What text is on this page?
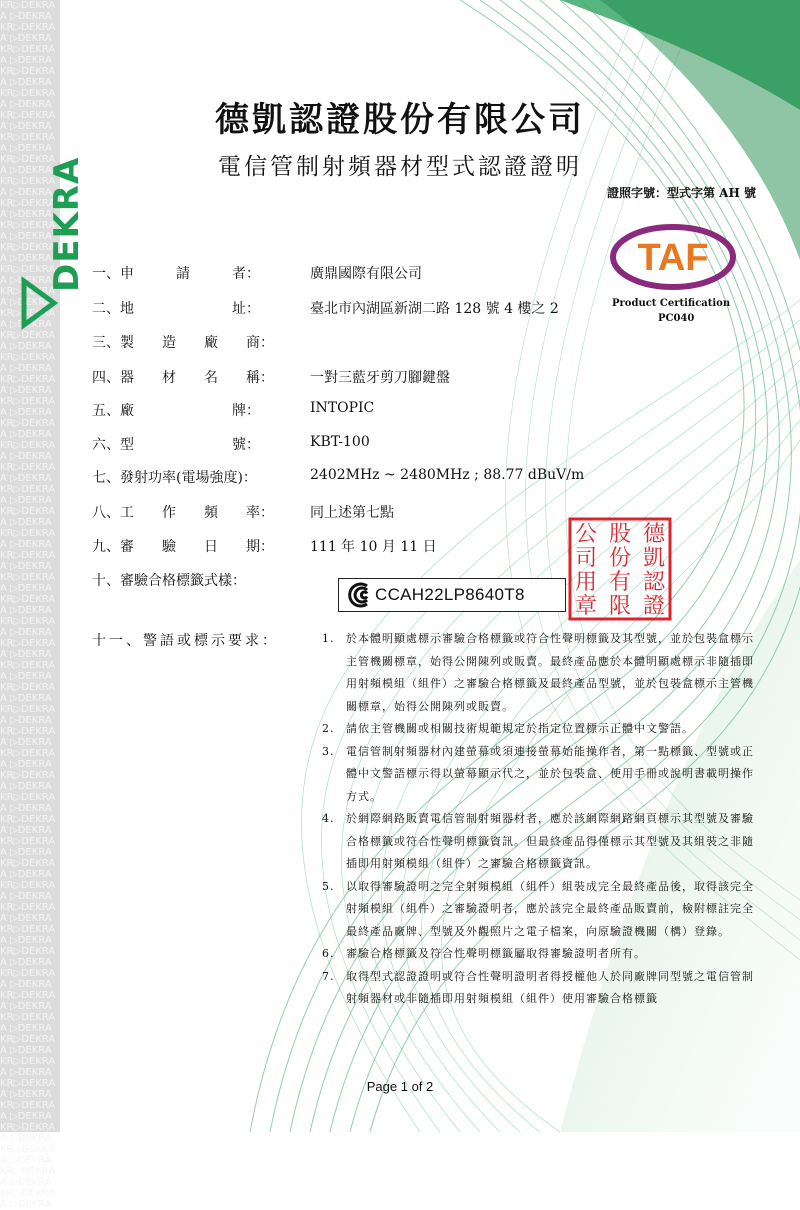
KR▷DEKRA
A ▷DEKRA
KR▷DEKRA
A ▷DEKRA
KR▷DEKRA
A ▷DEKRA
KR▷DEKRA
A ▷DEKRA
KR▷DEKRA
A ▷DEKRA
KR▷DEKRA
A ▷DEKRA
KR▷DEKRA
A ▷DEKRA
KR▷DEKRA
A ▷DEKRA
KR▷DEKRA
A ▷DEKRA
KR▷DEKRA
A ▷DEKRA
KR▷DEKRA
A ▷DEKRA
KR▷DEKRA
A ▷DEKRA
KR▷DEKRA
A ▷DEKRA
KR▷DEKRA
A ▷DEKRA
KR▷DEKRA
A ▷DEKRA
KR▷DEKRA
A ▷DEKRA
KR▷DEKRA
A ▷DEKRA
KR▷DEKRA
A ▷DEKRA
KR▷DEKRA
A ▷DEKRA
KR▷DEKRA
A ▷DEKRA
KR▷DEKRA
A ▷DEKRA
KR▷DEKRA
A ▷DEKRA
KR▷DEKRA
A ▷DEKRA
KR▷DEKRA
A ▷DEKRA
KR▷DEKRA
A ▷DEKRA
KR▷DEKRA
A ▷DEKRA
KR▷DEKRA
A ▷DEKRA
KR▷DEKRA
A ▷DEKRA
KR▷DEKRA
A ▷DEKRA
KR▷DEKRA
A ▷DEKRA
KR▷DEKRA
A ▷DEKRA
KR▷DEKRA
A ▷DEKRA
KR▷DEKRA
A ▷DEKRA
KR▷DEKRA
A ▷DEKRA
KR▷DEKRA
A ▷DEKRA
KR▷DEKRA
A ▷DEKRA
KR▷DEKRA
A ▷DEKRA
KR▷DEKRA
A ▷DEKRA
KR▷DEKRA
A ▷DEKRA
KR▷DEKRA
A ▷DEKRA
KR▷DEKRA
A ▷DEKRA
KR▷DEKRA
A ▷DEKRA
KR▷DEKRA
A ▷DEKRA
KR▷DEKRA
A ▷DEKRA
KR▷DEKRA
A ▷DEKRA
KR▷DEKRA
A ▷DEKRA
KR▷DEKRA
A ▷DEKRA
KR▷DEKRA
A ▷DEKRA
KR▷DEKRA
A ▷DEKRA
KR▷DEKRA
A ▷DEKRA
KR▷DEKRA
A ▷DEKRA
KR▷DEKRA
A ▷DEKRA
KR▷DEKRA
A ▷DEKRA
KR▷DEKRA
A ▷DEKRA
KR▷DEKRA
A ▷DEKRA

DEKRA
德凱認證股份有限公司
電信管制射頻器材型式認證證明
證照字號：型式字第 AH 號
TAF
Product Certification
PC040
一、申　　　請　　　者：	廣鼎國際有限公司
二、地　　　　　　　址：	臺北市內湖區新湖二路 128 號 4 樓之 2
三、製　　造　　廠　　商：
四、器　　材　　名　　稱：	一對三藍牙剪刀腳鍵盤
五、廠　　　　　　　牌：	INTOPIC
六、型　　　　　　　號：	KBT-100
七、發射功率(電場強度)：	2402MHz ~ 2480MHz ; 88.77 dBuV/m
八、工　　作　　頻　　率：	同上述第七點
九、審　　驗　　日　　期：	111 年 10 月 11 日
十、審驗合格標籤式樣：
CCAH22LP8640T8
德
凱
認
證
股
份
有
限
公
司
用
章
十一、警語或標示要求：	1. 於本體明顯處標示審驗合格標籤或符合性聲明標籤及其型號，並於包裝盒標示主管機關標章，始得公開陳列或販賣。最終產品應於本體明顯處標示非隨插即用射頻模組（組件）之審驗合格標籤及最終產品型號，並於包裝盒標示主管機關標章，始得公開陳列或販賣。
2. 請依主管機關或相關技術規範規定於指定位置標示正體中文警語。
3. 電信管制射頻器材內建螢幕或須連接螢幕始能操作者，第一點標籤、型號或正體中文警語標示得以螢幕顯示代之，並於包裝盒、使用手冊或說明書載明操作方式。
4. 於網際網路販賣電信管制射頻器材者，應於該網際網路網頁標示其型號及審驗合格標籤或符合性聲明標籤資訊。但最終產品得僅標示其型號及其組裝之非隨插即用射頻模組（組件）之審驗合格標籤資訊。
5. 以取得審驗證明之完全射頻模組（組件）組裝成完全最終產品後，取得該完全射頻模組（組件）之審驗證明者，應於該完全最終產品販賣前，檢附標註完全最終產品廠牌、型號及外觀照片之電子檔案，向原驗證機關（構）登錄。
6. 審驗合格標籤及符合性聲明標籤屬取得審驗證明者所有。
7. 取得型式認證證明或符合性聲明證明者得授權他人於同廠牌同型號之電信管制射頻器材或非隨插即用射頻模組（組件）使用審驗合格標籤
Page 1 of 2
